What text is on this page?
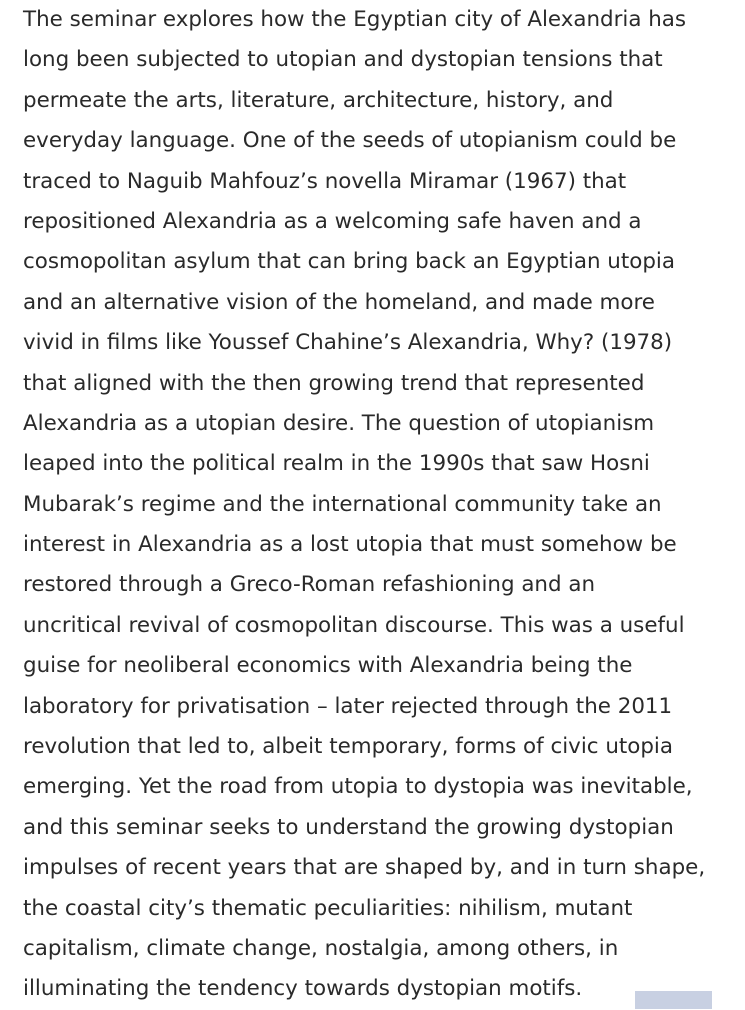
The seminar explores how the Egyptian city of Alexandria has
long been subjected to utopian and dystopian tensions that
permeate the arts, literature, architecture, history, and
everyday language. One of the seeds of utopianism could be
traced to Naguib Mahfouz’s novella Miramar (1967) that
repositioned Alexandria as a welcoming safe haven and a
cosmopolitan asylum that can bring back an Egyptian utopia
and an alternative vision of the homeland, and made more
vivid in films like Youssef Chahine’s Alexandria, Why? (1978)
that aligned with the then growing trend that represented
Alexandria as a utopian desire. The question of utopianism
leaped into the political realm in the 1990s that saw Hosni
Mubarak’s regime and the international community take an
interest in Alexandria as a lost utopia that must somehow be
restored through a Greco-Roman refashioning and an
uncritical revival of cosmopolitan discourse. This was a useful
guise for neoliberal economics with Alexandria being the
laboratory for privatisation – later rejected through the 2011
revolution that led to, albeit temporary, forms of civic utopia
emerging. Yet the road from utopia to dystopia was inevitable,
and this seminar seeks to understand the growing dystopian
impulses of recent years that are shaped by, and in turn shape,
the coastal city’s thematic peculiarities: nihilism, mutant
capitalism, climate change, nostalgia, among others, in
illuminating the tendency towards dystopian motifs.
